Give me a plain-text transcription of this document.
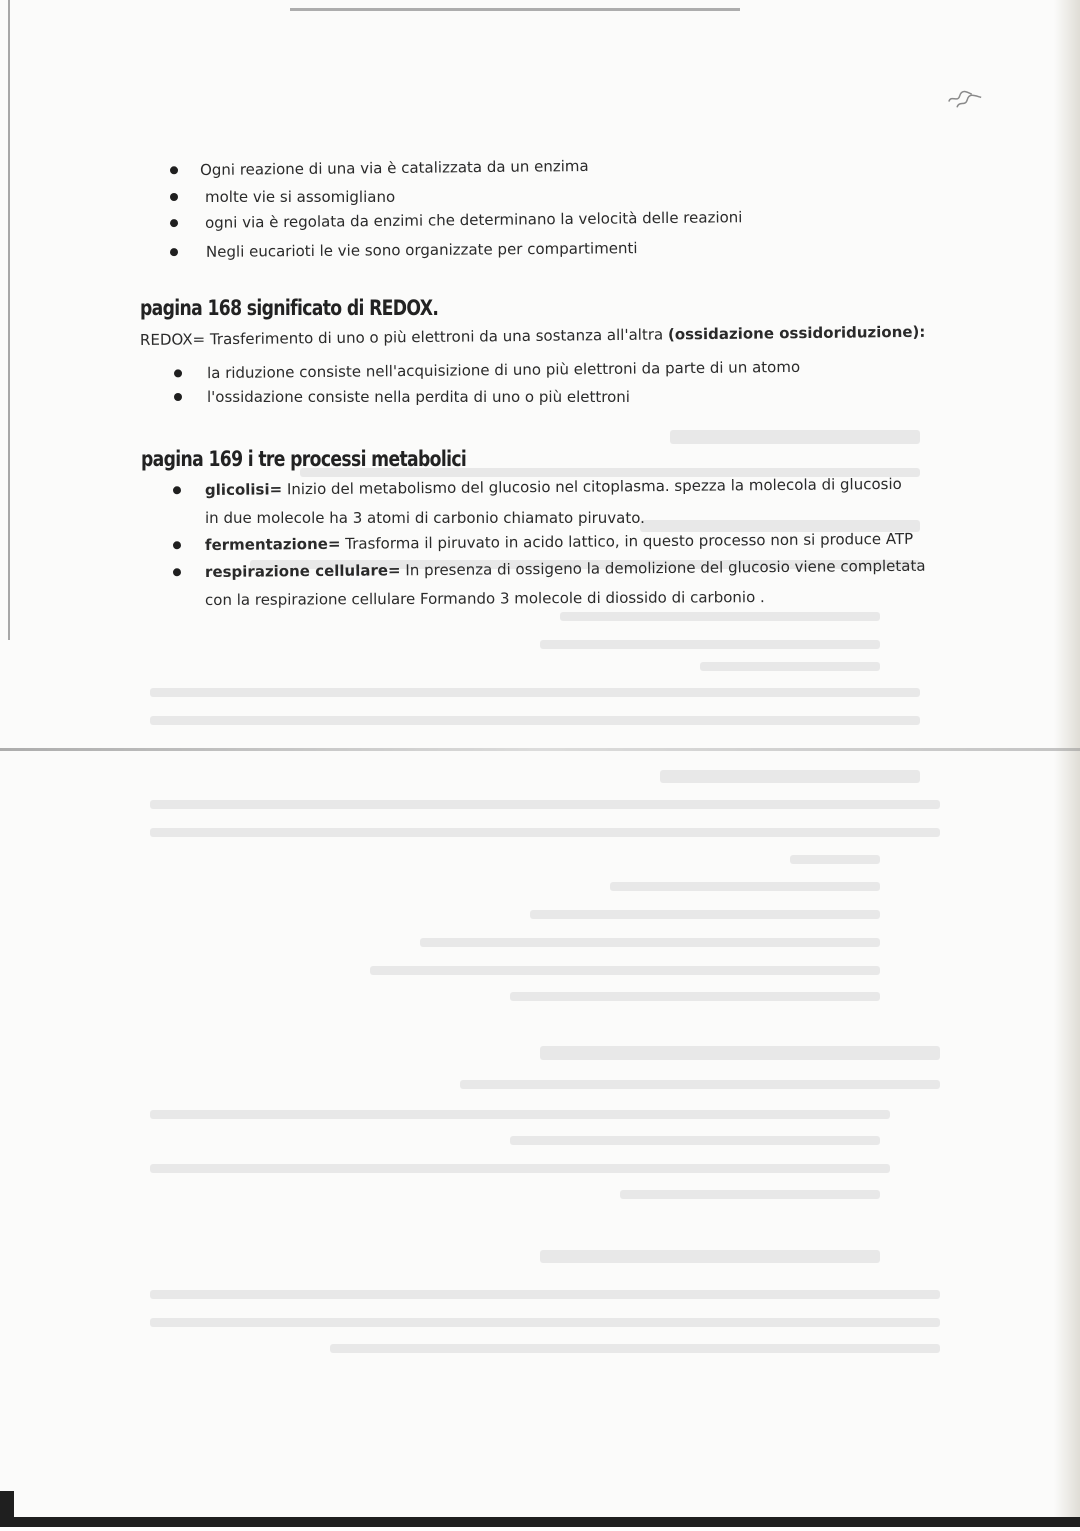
Ogni reazione di una via è catalizzata da un enzima
molte vie si assomigliano
ogni via è regolata da enzimi che determinano la velocità delle reazioni
Negli eucarioti le vie sono organizzate per compartimenti
pagina 168 significato di REDOX.
REDOX= Trasferimento di uno o più elettroni da una sostanza all'altra (ossidazione ossidoriduzione):
la riduzione consiste nell'acquisizione di uno più elettroni da parte di un atomo
l'ossidazione consiste nella perdita di uno o più elettroni
pagina 169 i tre processi metabolici
glicolisi= Inizio del metabolismo del glucosio nel citoplasma. spezza la molecola di glucosio
in due molecole ha 3 atomi di carbonio chiamato piruvato.
fermentazione= Trasforma il piruvato in acido lattico, in questo processo non si produce ATP
respirazione cellulare= In presenza di ossigeno la demolizione del glucosio viene completata
con la respirazione cellulare Formando 3 molecole di diossido di carbonio .
